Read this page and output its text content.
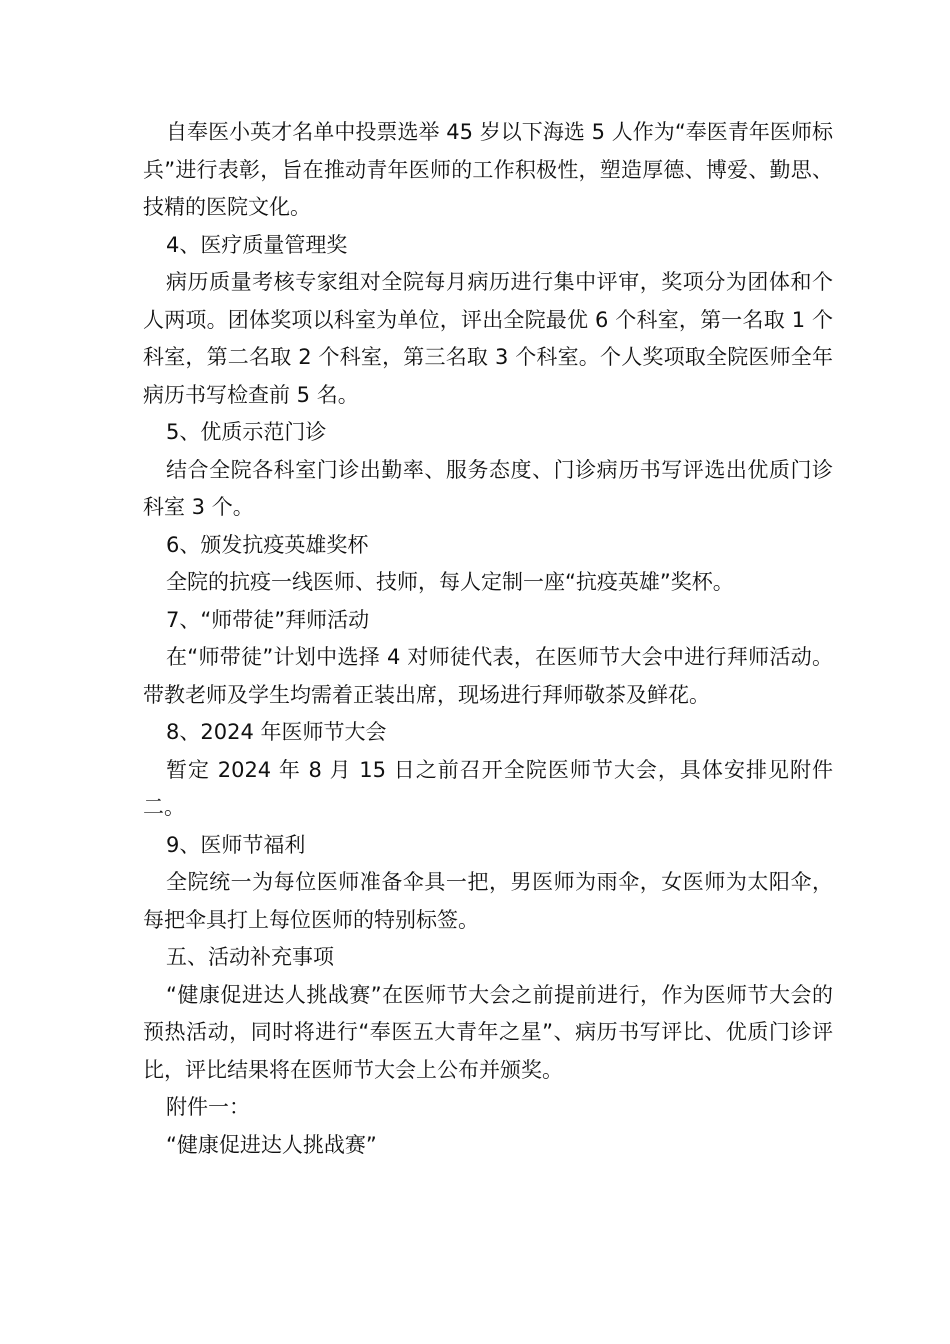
自奉医小英才名单中投票选举 45 岁以下海选 5 人作为“奉医青年医师标兵”进行表彰，旨在推动青年医师的工作积极性，塑造厚德、博爱、勤思、技精的医院文化。

4、医疗质量管理奖

病历质量考核专家组对全院每月病历进行集中评审，奖项分为团体和个人两项。团体奖项以科室为单位，评出全院最优 6 个科室，第一名取 1 个科室，第二名取 2 个科室，第三名取 3 个科室。个人奖项取全院医师全年病历书写检查前 5 名。

5、优质示范门诊

结合全院各科室门诊出勤率、服务态度、门诊病历书写评选出优质门诊科室 3 个。

6、颁发抗疫英雄奖杯

全院的抗疫一线医师、技师，每人定制一座“抗疫英雄”奖杯。

7、“师带徒”拜师活动

在“师带徒”计划中选择 4 对师徒代表，在医师节大会中进行拜师活动。带教老师及学生均需着正装出席，现场进行拜师敬茶及鲜花。

8、2024 年医师节大会

暂定 2024 年 8 月 15 日之前召开全院医师节大会，具体安排见附件二。

9、医师节福利

全院统一为每位医师准备伞具一把，男医师为雨伞，女医师为太阳伞，每把伞具打上每位医师的特别标签。

五、活动补充事项

“健康促进达人挑战赛”在医师节大会之前提前进行，作为医师节大会的预热活动，同时将进行“奉医五大青年之星”、病历书写评比、优质门诊评比，评比结果将在医师节大会上公布并颁奖。

附件一：

“健康促进达人挑战赛”
